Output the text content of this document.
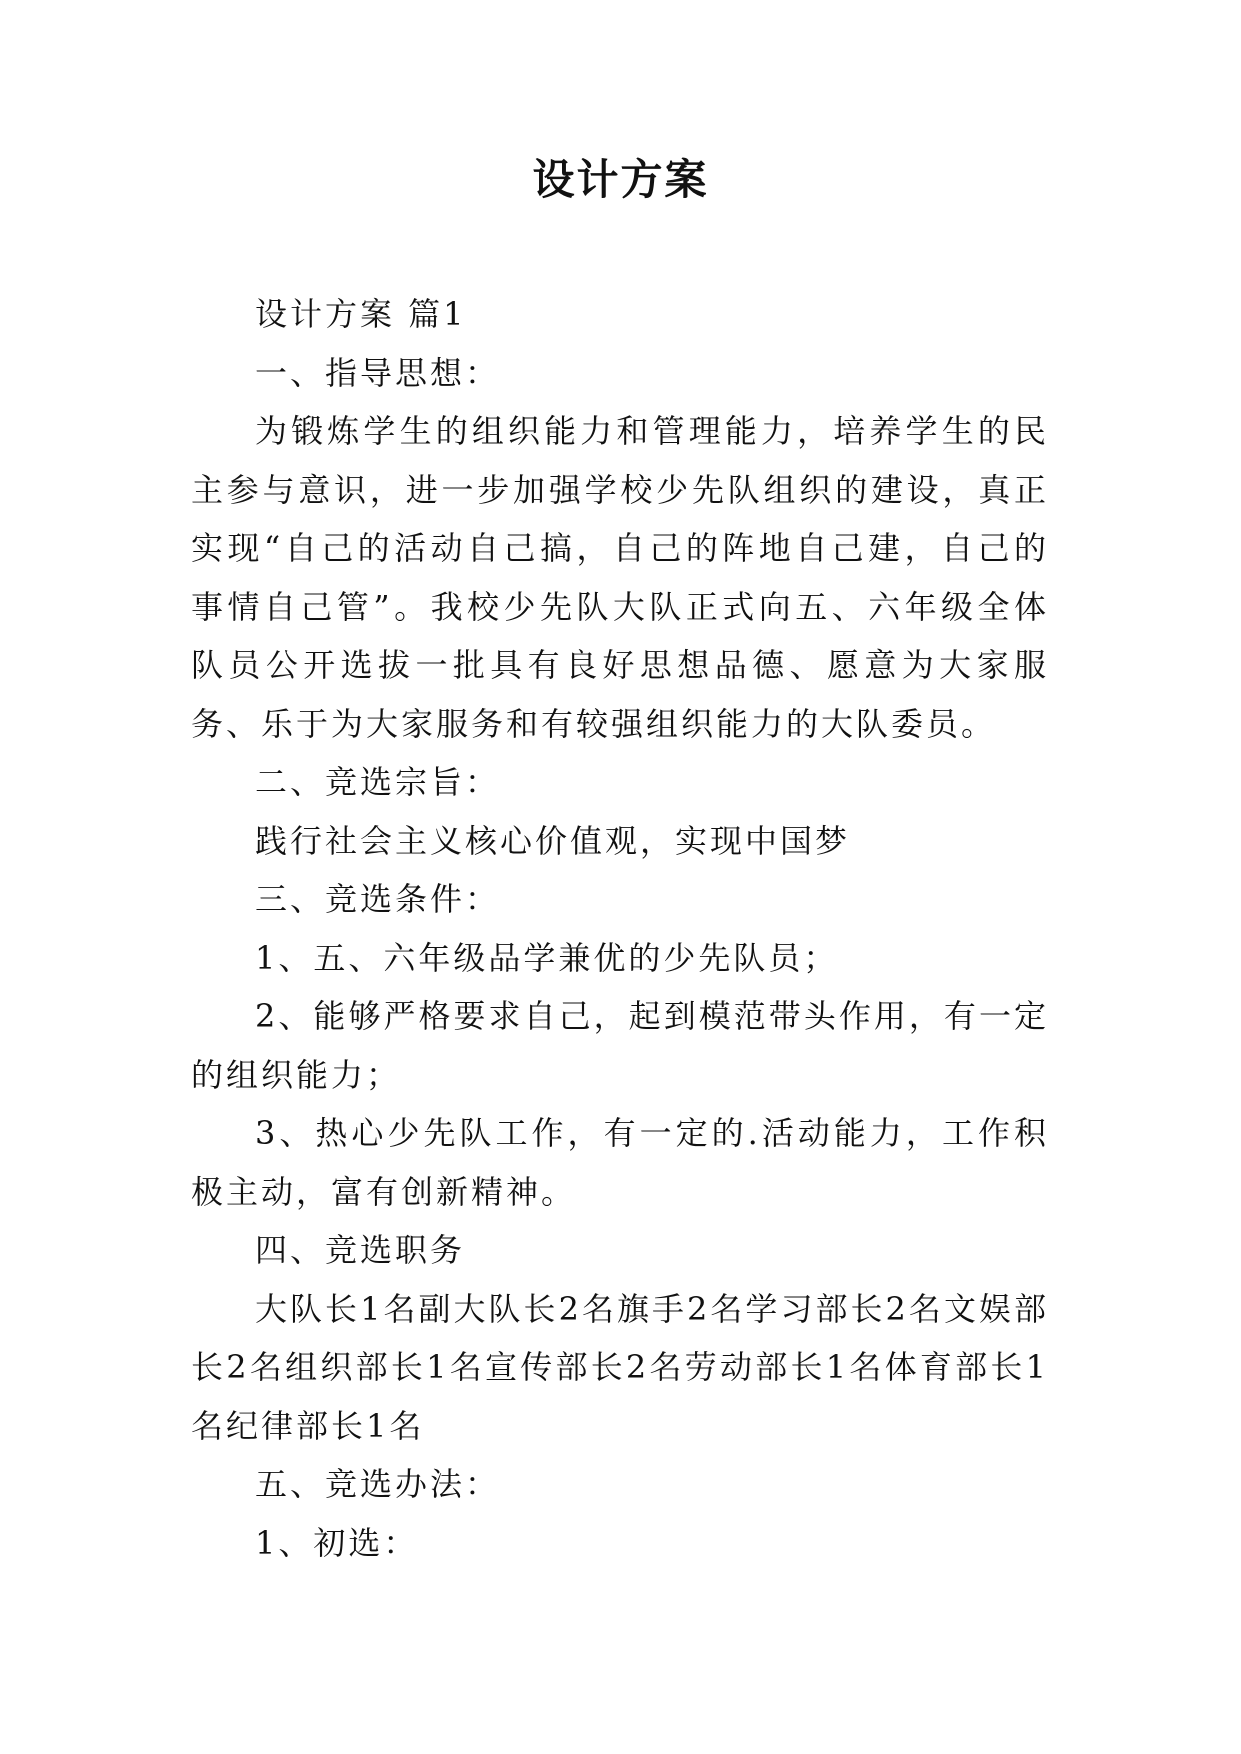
设计方案

设计方案 篇1

一、指导思想：

为锻炼学生的组织能力和管理能力，培养学生的民主参与意识，进一步加强学校少先队组织的建设，真正实现“自己的活动自己搞，自己的阵地自己建，自己的事情自己管”。我校少先队大队正式向五、六年级全体队员公开选拔一批具有良好思想品德、愿意为大家服务、乐于为大家服务和有较强组织能力的大队委员。

二、竞选宗旨：

践行社会主义核心价值观，实现中国梦

三、竞选条件：

1、五、六年级品学兼优的少先队员；

2、能够严格要求自己，起到模范带头作用，有一定的组织能力；

3、热心少先队工作，有一定的.活动能力，工作积极主动，富有创新精神。

四、竞选职务

大队长1名副大队长2名旗手2名学习部长2名文娱部长2名组织部长1名宣传部长2名劳动部长1名体育部长1名纪律部长1名

五、竞选办法：

1、初选：
